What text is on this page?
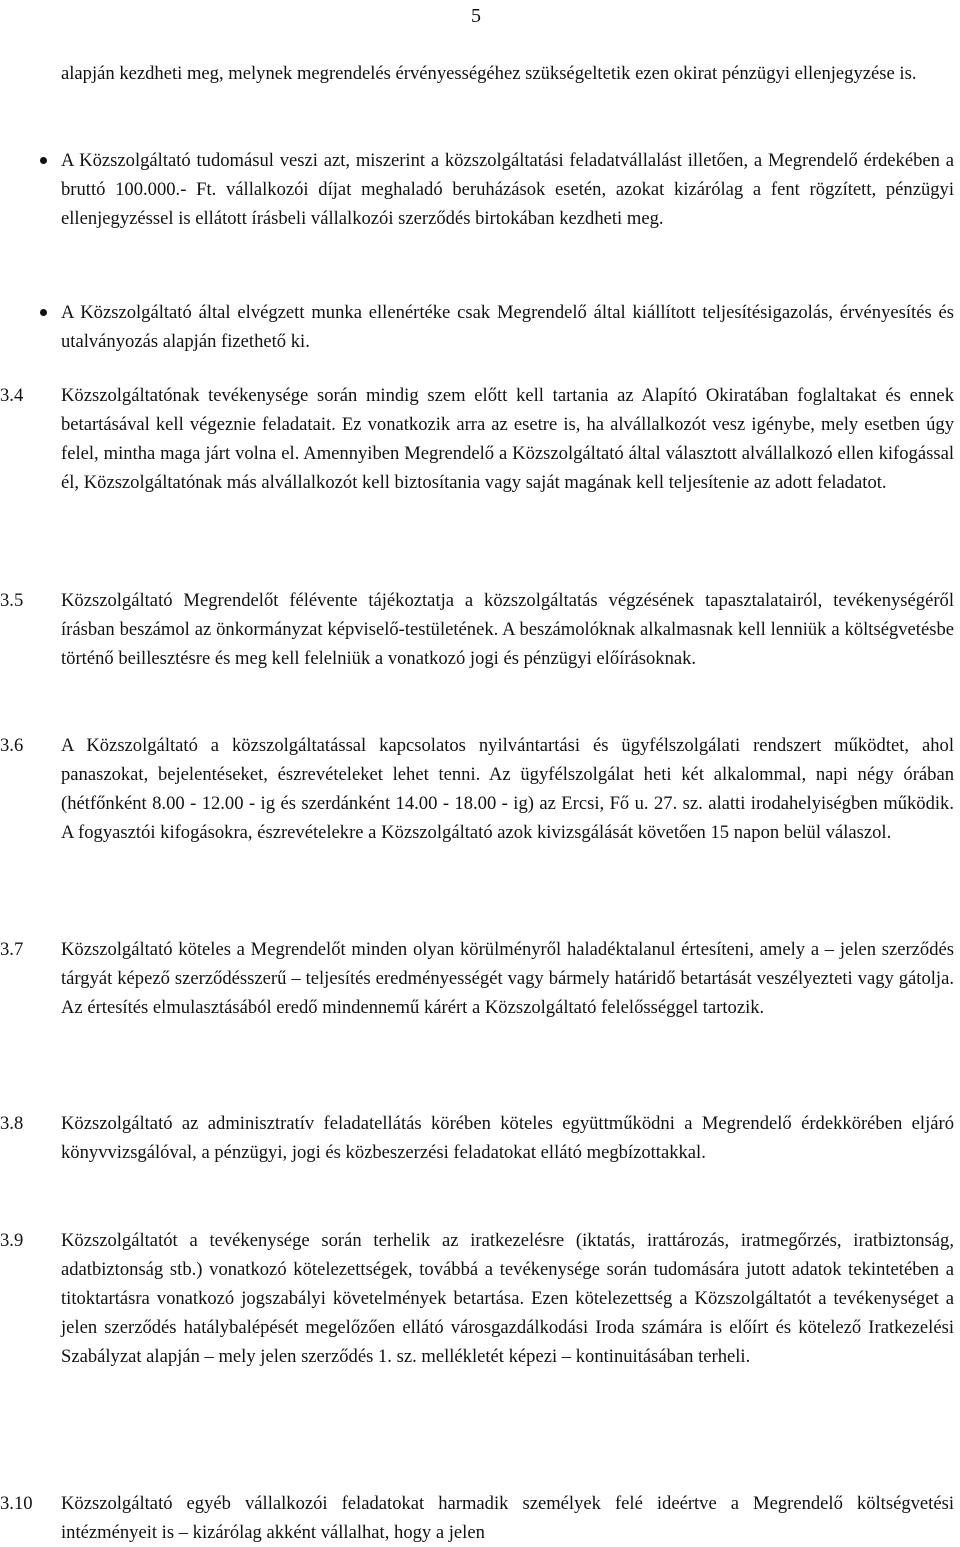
5
alapján kezdheti meg, melynek megrendelés érvényességéhez szükségeltetik ezen okirat pénzügyi ellenjegyzése is.
A Közszolgáltató tudomásul veszi azt, miszerint a közszolgáltatási feladatvállalást illetően, a Megrendelő érdekében a bruttó 100.000.- Ft. vállalkozói díjat meghaladó beruházások esetén, azokat kizárólag a fent rögzített, pénzügyi ellenjegyzéssel is ellátott írásbeli vállalkozói szerződés birtokában kezdheti meg.
A Közszolgáltató által elvégzett munka ellenértéke csak Megrendelő által kiállított teljesítésigazolás, érvényesítés és utalványozás alapján fizethető ki.
3.4 Közszolgáltatónak tevékenysége során mindig szem előtt kell tartania az Alapító Okiratában foglaltakat és ennek betartásával kell végeznie feladatait. Ez vonatkozik arra az esetre is, ha alvállalkozót vesz igénybe, mely esetben úgy felel, mintha maga járt volna el. Amennyiben Megrendelő a Közszolgáltató által választott alvállalkozó ellen kifogással él, Közszolgáltatónak más alvállalkozót kell biztosítania vagy saját magának kell teljesítenie az adott feladatot.
3.5 Közszolgáltató Megrendelőt félévente tájékoztatja a közszolgáltatás végzésének tapasztalatairól, tevékenységéről írásban beszámol az önkormányzat képviselő-testületének. A beszámolóknak alkalmasnak kell lenniük a költségvetésbe történő beillesztésre és meg kell felelniük a vonatkozó jogi és pénzügyi előírásoknak.
3.6 A Közszolgáltató a közszolgáltatással kapcsolatos nyilvántartási és ügyfélszolgálati rendszert működtet, ahol panaszokat, bejelentéseket, észrevételeket lehet tenni. Az ügyfélszolgálat heti két alkalommal, napi négy órában (hétfőnként 8.00 - 12.00 - ig és szerdánként 14.00 - 18.00 - ig) az Ercsi, Fő u. 27. sz. alatti irodahelyiségben működik. A fogyasztói kifogásokra, észrevételekre a Közszolgáltató azok kivizsgálását követően 15 napon belül válaszol.
3.7 Közszolgáltató köteles a Megrendelőt minden olyan körülményről haladéktalanul értesíteni, amely a – jelen szerződés tárgyát képező szerződésszerű – teljesítés eredményességét vagy bármely határidő betartását veszélyezteti vagy gátolja. Az értesítés elmulasztásából eredő mindennemű kárért a Közszolgáltató felelősséggel tartozik.
3.8 Közszolgáltató az adminisztratív feladatellátás körében köteles együttműködni a Megrendelő érdekkörében eljáró könyvvizsgálóval, a pénzügyi, jogi és közbeszerzési feladatokat ellátó megbízottakkal.
3.9 Közszolgáltatót a tevékenysége során terhelik az iratkezelésre (iktatás, irattározás, iratmegőrzés, iratbiztonság, adatbiztonság stb.) vonatkozó kötelezettségek, továbbá a tevékenysége során tudomására jutott adatok tekintetében a titoktartásra vonatkozó jogszabályi követelmények betartása. Ezen kötelezettség a Közszolgáltatót a tevékenységet a jelen szerződés hatálybalépését megelőzően ellátó városgazdálkodási Iroda számára is előírt és kötelező Iratkezelési Szabályzat alapján – mely jelen szerződés 1. sz. mellékletét képezi – kontinuitásában terheli.
3.10 Közszolgáltató egyéb vállalkozói feladatokat harmadik személyek felé ideértve a Megrendelő költségvetési intézményeit is – kizárólag akként vállalhat, hogy a jelen
